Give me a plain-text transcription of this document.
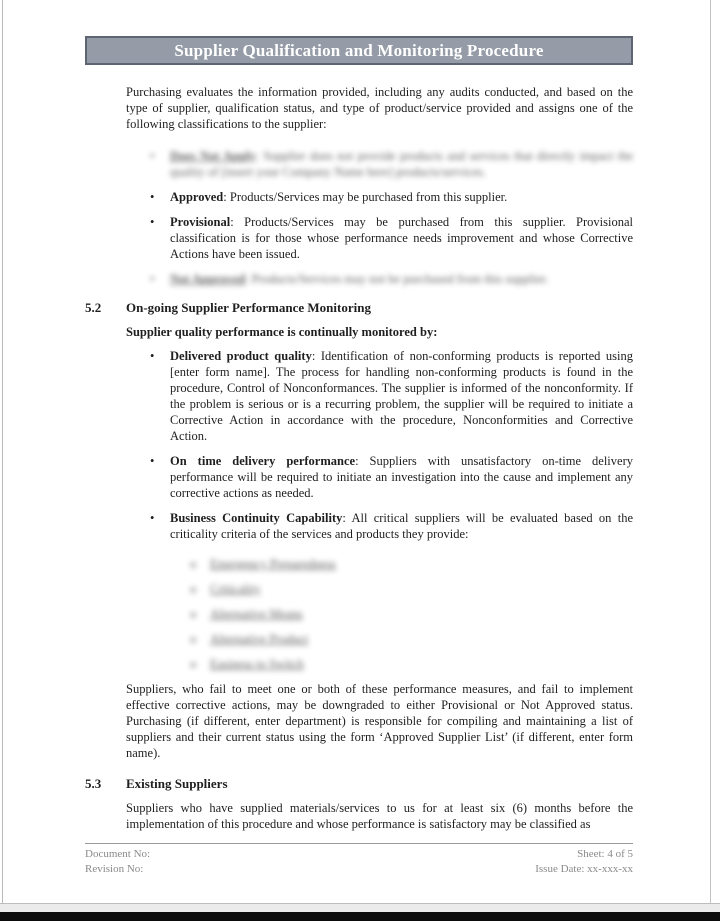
Supplier Qualification and Monitoring Procedure

Purchasing evaluates the information provided, including any audits conducted, and based on the type of supplier, qualification status, and type of product/service provided and assigns one of the following classifications to the supplier:

•	Does Not Apply: Supplier does not provide products and services that directly impact the quality of [insert your Company Name here] products/services.
•	Approved: Products/Services may be purchased from this supplier.
•	Provisional: Products/Services may be purchased from this supplier. Provisional classification is for those whose performance needs improvement and whose Corrective Actions have been issued.
•	Not Approved: Products/Services may not be purchased from this supplier.
5.2	On-going Supplier Performance Monitoring

Supplier quality performance is continually monitored by:

•	Delivered product quality: Identification of non-conforming products is reported using [enter form name]. The process for handling non-conforming products is found in the procedure, Control of Nonconformances. The supplier is informed of the nonconformity. If the problem is serious or is a recurring problem, the supplier will be required to initiate a Corrective Action in accordance with the procedure, Nonconformities and Corrective Action.
•	On time delivery performance: Suppliers with unsatisfactory on-time delivery performance will be required to initiate an investigation into the cause and implement any corrective actions as needed.
•	Business Continuity Capability: All critical suppliers will be evaluated based on the criticality criteria of the services and products they provide:
o	Emergency Preparedness
o	Criticality
o	Alternative Means
o	Alternative Product
o	Easiness to Switch

Suppliers, who fail to meet one or both of these performance measures, and fail to implement effective corrective actions, may be downgraded to either Provisional or Not Approved status. Purchasing (if different, enter department) is responsible for compiling and maintaining a list of suppliers and their current status using the form ‘Approved Supplier List’ (if different, enter form name).

5.3	Existing Suppliers

Suppliers who have supplied materials/services to us for at least six (6) months before the implementation of this procedure and whose performance is satisfactory may be classified as

Document No:
Revision No:
Sheet: 4 of 5
Issue Date: xx-xxx-xx
